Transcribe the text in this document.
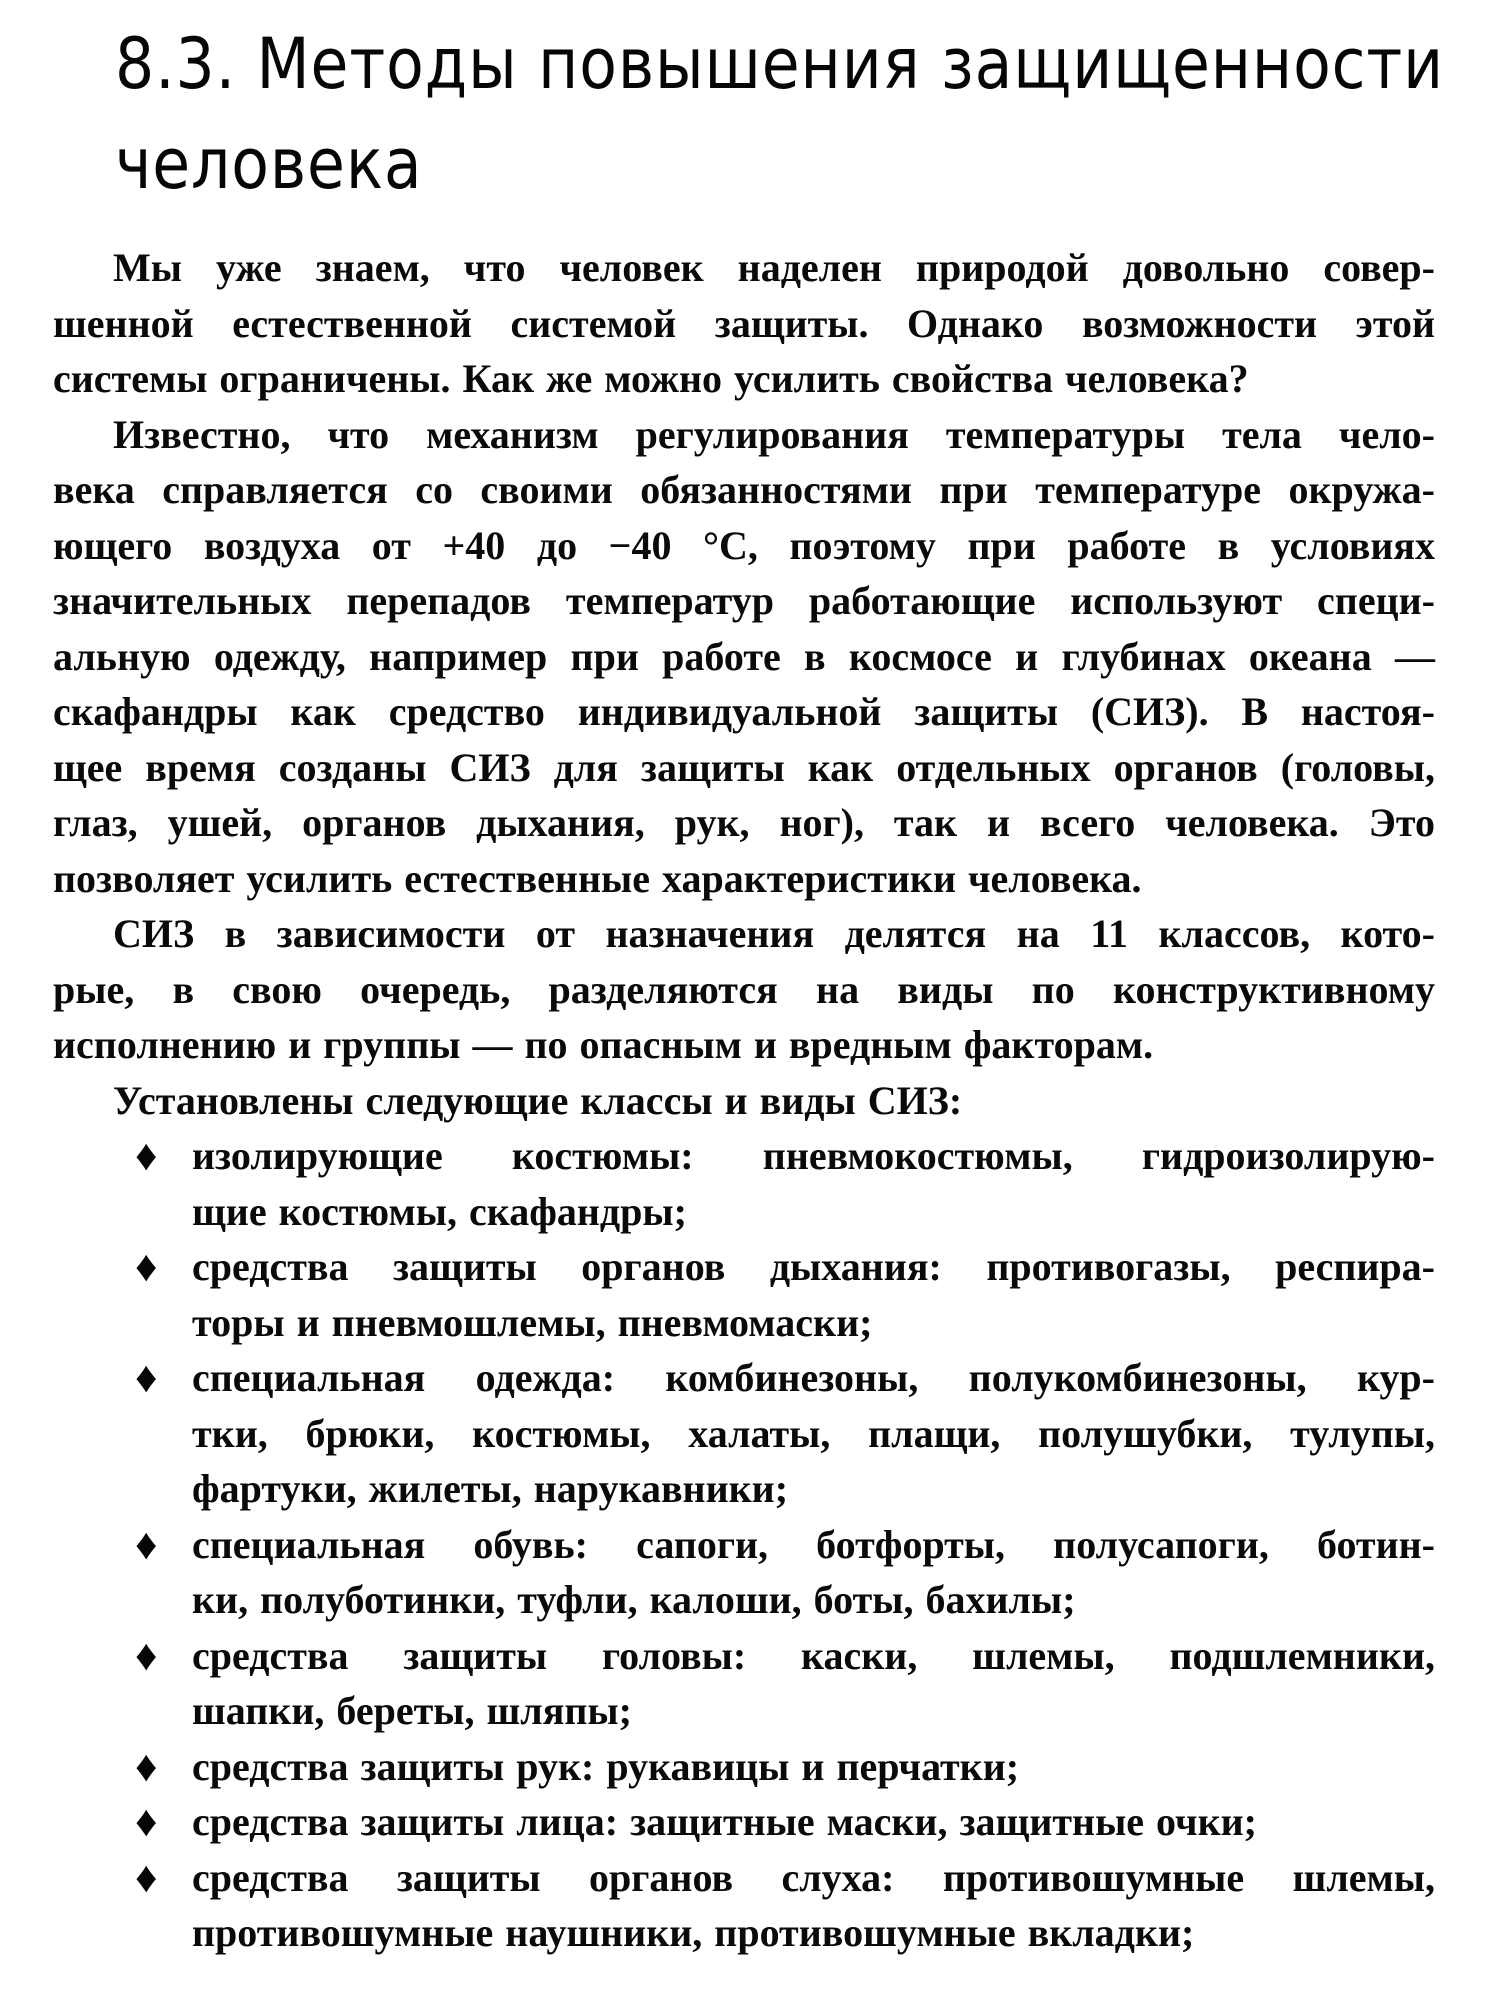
8.3. Методы повышения защищенности
человека
Мы уже знаем, что человек наделен природой довольно совер-
шенной естественной системой защиты. Однако возможности этой
системы ограничены. Как же можно усилить свойства человека?
Известно, что механизм регулирования температуры тела чело-
века справляется со своими обязанностями при температуре окружа-
ющего воздуха от +40 до −40 °С, поэтому при работе в условиях
значительных перепадов температур работающие используют специ-
альную одежду, например при работе в космосе и глубинах океана —
скафандры как средство индивидуальной защиты (СИЗ). В настоя-
щее время созданы СИЗ для защиты как отдельных органов (головы,
глаз, ушей, органов дыхания, рук, ног), так и всего человека. Это
позволяет усилить естественные характеристики человека.
СИЗ в зависимости от назначения делятся на 11 классов, кото-
рые, в свою очередь, разделяются на виды по конструктивному
исполнению и группы — по опасным и вредным факторам.
Установлены следующие классы и виды СИЗ:
♦ изолирующие костюмы: пневмокостюмы, гидроизолирую-
щие костюмы, скафандры;
♦ средства защиты органов дыхания: противогазы, респира-
торы и пневмошлемы, пневмомаски;
♦ специальная одежда: комбинезоны, полукомбинезоны, кур-
тки, брюки, костюмы, халаты, плащи, полушубки, тулупы,
фартуки, жилеты, нарукавники;
♦ специальная обувь: сапоги, ботфорты, полусапоги, ботин-
ки, полуботинки, туфли, калоши, боты, бахилы;
♦ средства защиты головы: каски, шлемы, подшлемники,
шапки, береты, шляпы;
♦ средства защиты рук: рукавицы и перчатки;
♦ средства защиты лица: защитные маски, защитные очки;
♦ средства защиты органов слуха: противошумные шлемы,
противошумные наушники, противошумные вкладки;
